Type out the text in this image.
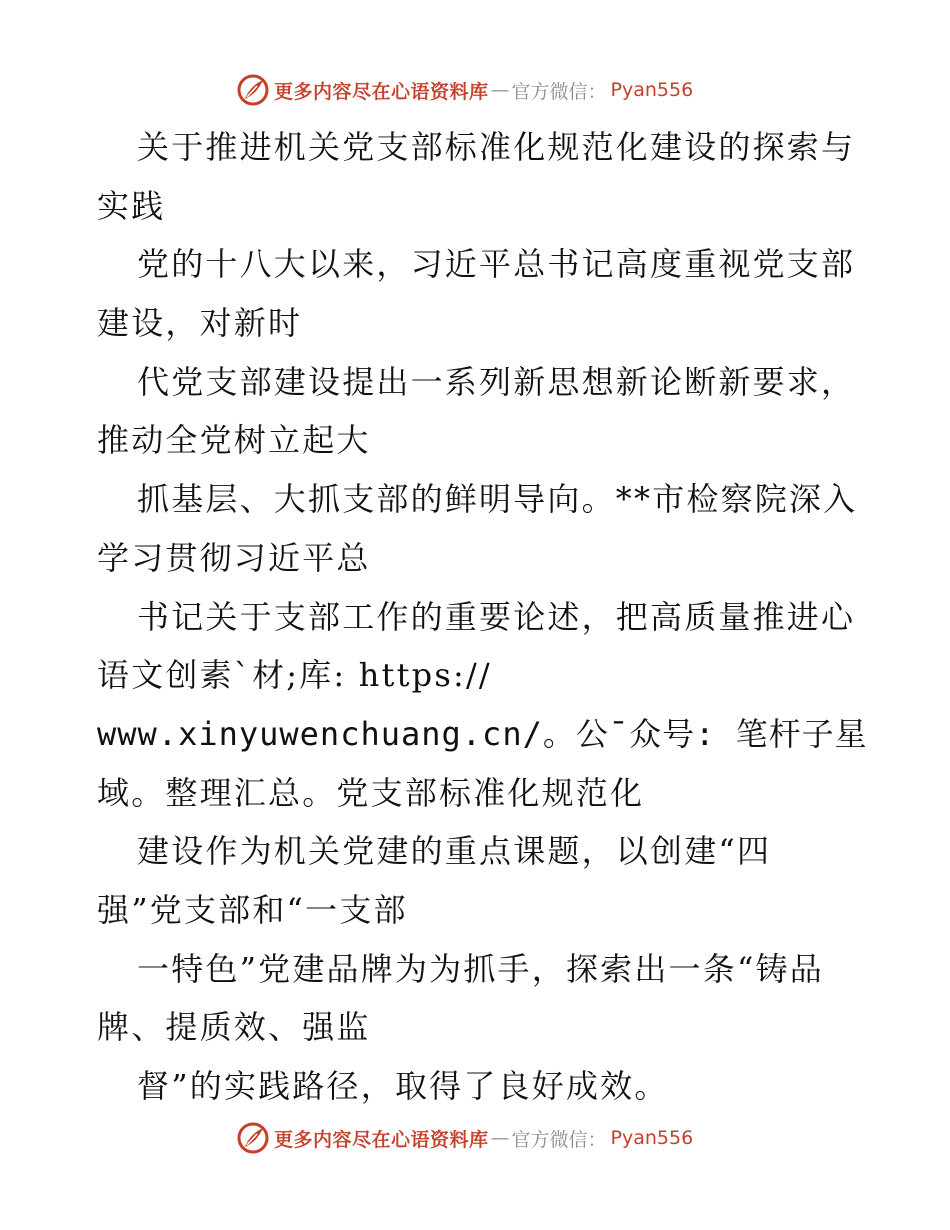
更多内容尽在心语资料库 — 官方微信： Pyan556
关于推进机关党支部标准化规范化建设的探索与
实践
党的十八大以来，习近平总书记高度重视党支部
建设，对新时
代党支部建设提出一系列新思想新论断新要求，
推动全党树立起大
抓基层、大抓支部的鲜明导向。**市检察院深入
学习贯彻习近平总
书记关于支部工作的重要论述，把高质量推进心
语文创素`材;库: https://
www.xinyuwenchuang.cn/。公¯众号: 笔杆子星
域。整理汇总。党支部标准化规范化
建设作为机关党建的重点课题，以创建“四
强”党支部和“一支部
一特色”党建品牌为为抓手，探索出一条“铸品
牌、提质效、强监
督”的实践路径，取得了良好成效。
更多内容尽在心语资料库 — 官方微信： Pyan556
